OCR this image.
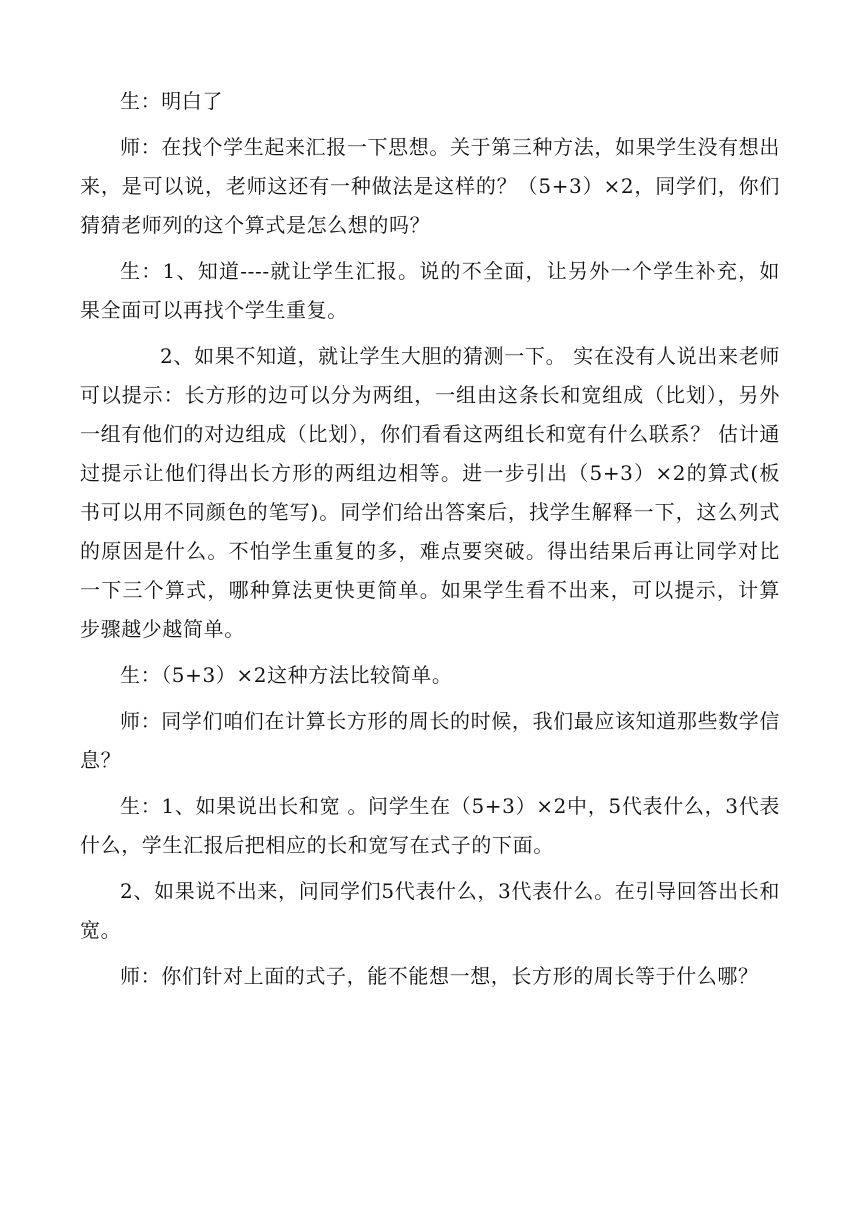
生：明白了

师：在找个学生起来汇报一下思想。关于第三种方法，如果学生没有想出来，是可以说，老师这还有一种做法是这样的？（5+3）×2，同学们，你们猜猜老师列的这个算式是怎么想的吗？

生：1、知道----就让学生汇报。说的不全面，让另外一个学生补充，如果全面可以再找个学生重复。

2、如果不知道，就让学生大胆的猜测一下。 实在没有人说出来老师可以提示：长方形的边可以分为两组，一组由这条长和宽组成（比划），另外一组有他们的对边组成（比划），你们看看这两组长和宽有什么联系？ 估计通过提示让他们得出长方形的两组边相等。进一步引出（5+3）×2的算式(板书可以用不同颜色的笔写)。同学们给出答案后，找学生解释一下，这么列式的原因是什么。不怕学生重复的多，难点要突破。得出结果后再让同学对比一下三个算式，哪种算法更快更简单。如果学生看不出来，可以提示，计算步骤越少越简单。

生：（5+3）×2这种方法比较简单。

师：同学们咱们在计算长方形的周长的时候，我们最应该知道那些数学信息？

生：1、如果说出长和宽 。问学生在（5+3）×2中，5代表什么，3代表什么，学生汇报后把相应的长和宽写在式子的下面。

2、如果说不出来，问同学们5代表什么，3代表什么。在引导回答出长和宽。

师：你们针对上面的式子，能不能想一想，长方形的周长等于什么哪？
